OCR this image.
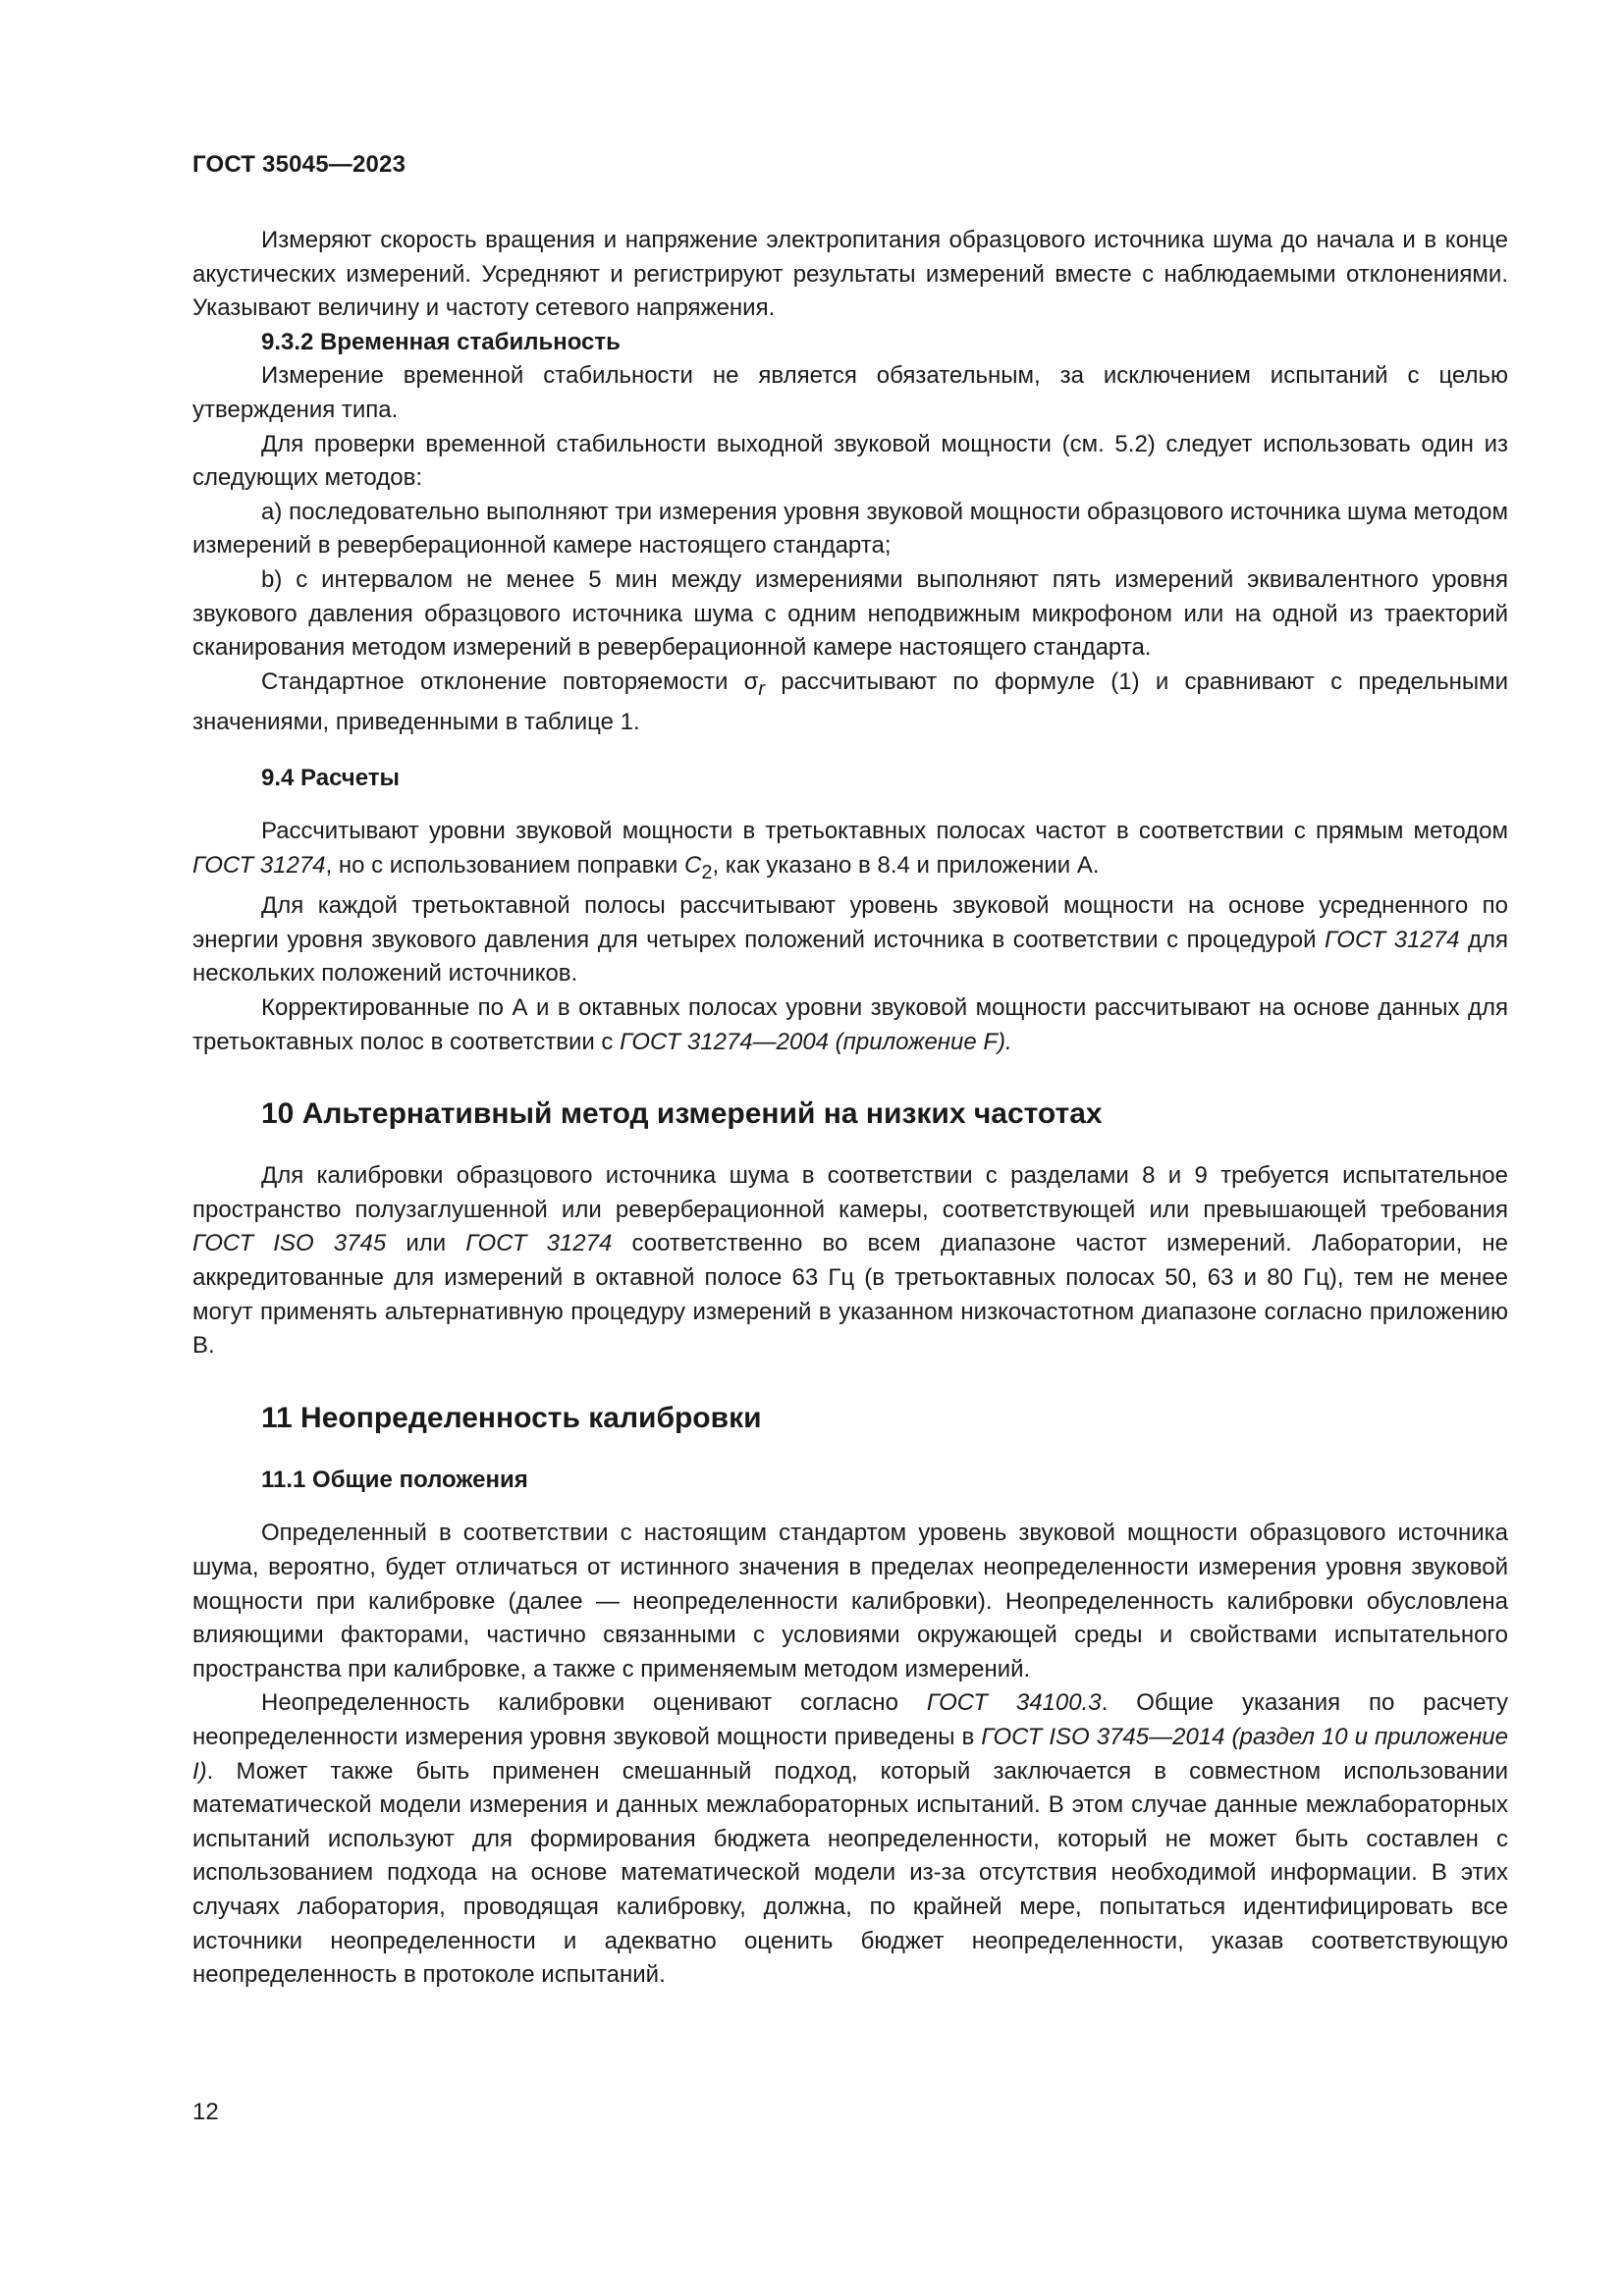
ГОСТ 35045—2023

Измеряют скорость вращения и напряжение электропитания образцового источника шума до начала и в конце акустических измерений. Усредняют и регистрируют результаты измерений вместе с наблюдаемыми отклонениями. Указывают величину и частоту сетевого напряжения.

9.3.2 Временная стабильность

Измерение временной стабильности не является обязательным, за исключением испытаний с целью утверждения типа.

Для проверки временной стабильности выходной звуковой мощности (см. 5.2) следует использовать один из следующих методов:

a) последовательно выполняют три измерения уровня звуковой мощности образцового источника шума методом измерений в реверберационной камере настоящего стандарта;

b) с интервалом не менее 5 мин между измерениями выполняют пять измерений эквивалентного уровня звукового давления образцового источника шума с одним неподвижным микрофоном или на одной из траекторий сканирования методом измерений в реверберационной камере настоящего стандарта.

Стандартное отклонение повторяемости $\sigma_r$ рассчитывают по формуле (1) и сравнивают с предельными значениями, приведенными в таблице 1.

9.4 Расчеты

Рассчитывают уровни звуковой мощности в третьоктавных полосах частот в соответствии с прямым методом ГОСТ 31274, но с использованием поправки $C_2$, как указано в 8.4 и приложении А.

Для каждой третьоктавной полосы рассчитывают уровень звуковой мощности на основе усредненного по энергии уровня звукового давления для четырех положений источника в соответствии с процедурой ГОСТ 31274 для нескольких положений источников.

Корректированные по А и в октавных полосах уровни звуковой мощности рассчитывают на основе данных для третьоктавных полос в соответствии с ГОСТ 31274—2004 (приложение F).

10 Альтернативный метод измерений на низких частотах

Для калибровки образцового источника шума в соответствии с разделами 8 и 9 требуется испытательное пространство полузаглушенной или реверберационной камеры, соответствующей или превышающей требования ГОСТ ISO 3745 или ГОСТ 31274 соответственно во всем диапазоне частот измерений. Лаборатории, не аккредитованные для измерений в октавной полосе 63 Гц (в третьоктавных полосах 50, 63 и 80 Гц), тем не менее могут применять альтернативную процедуру измерений в указанном низкочастотном диапазоне согласно приложению В.

11 Неопределенность калибровки

11.1 Общие положения

Определенный в соответствии с настоящим стандартом уровень звуковой мощности образцового источника шума, вероятно, будет отличаться от истинного значения в пределах неопределенности измерения уровня звуковой мощности при калибровке (далее — неопределенности калибровки). Неопределенность калибровки обусловлена влияющими факторами, частично связанными с условиями окружающей среды и свойствами испытательного пространства при калибровке, а также с применяемым методом измерений.

Неопределенность калибровки оценивают согласно ГОСТ 34100.3. Общие указания по расчету неопределенности измерения уровня звуковой мощности приведены в ГОСТ ISO 3745—2014 (раздел 10 и приложение I). Может также быть применен смешанный подход, который заключается в совместном использовании математической модели измерения и данных межлабораторных испытаний. В этом случае данные межлабораторных испытаний используют для формирования бюджета неопределенности, который не может быть составлен с использованием подхода на основе математической модели из-за отсутствия необходимой информации. В этих случаях лаборатория, проводящая калибровку, должна, по крайней мере, попытаться идентифицировать все источники неопределенности и адекватно оценить бюджет неопределенности, указав соответствующую неопределенность в протоколе испытаний.

12
